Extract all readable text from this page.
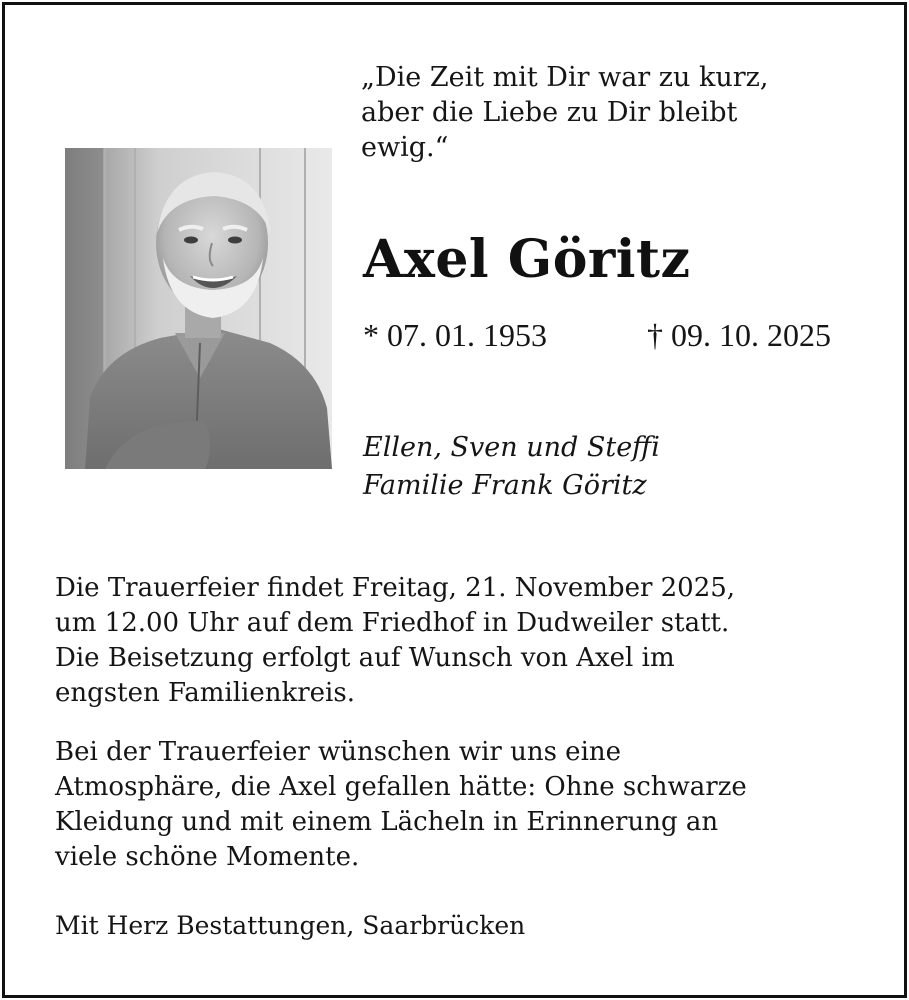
„Die Zeit mit Dir war zu kurz,
aber die Liebe zu Dir bleibt
ewig.“
Axel Göritz
* 07. 01. 1953	† 09. 10. 2025
Ellen, Sven und Steffi
Familie Frank Göritz

Die Trauerfeier findet Freitag, 21. November 2025,
um 12.00 Uhr auf dem Friedhof in Dudweiler statt.
Die Beisetzung erfolgt auf Wunsch von Axel im
engsten Familienkreis.

Bei der Trauerfeier wünschen wir uns eine
Atmosphäre, die Axel gefallen hätte: Ohne schwarze
Kleidung und mit einem Lächeln in Erinnerung an
viele schöne Momente.

Mit Herz Bestattungen, Saarbrücken
